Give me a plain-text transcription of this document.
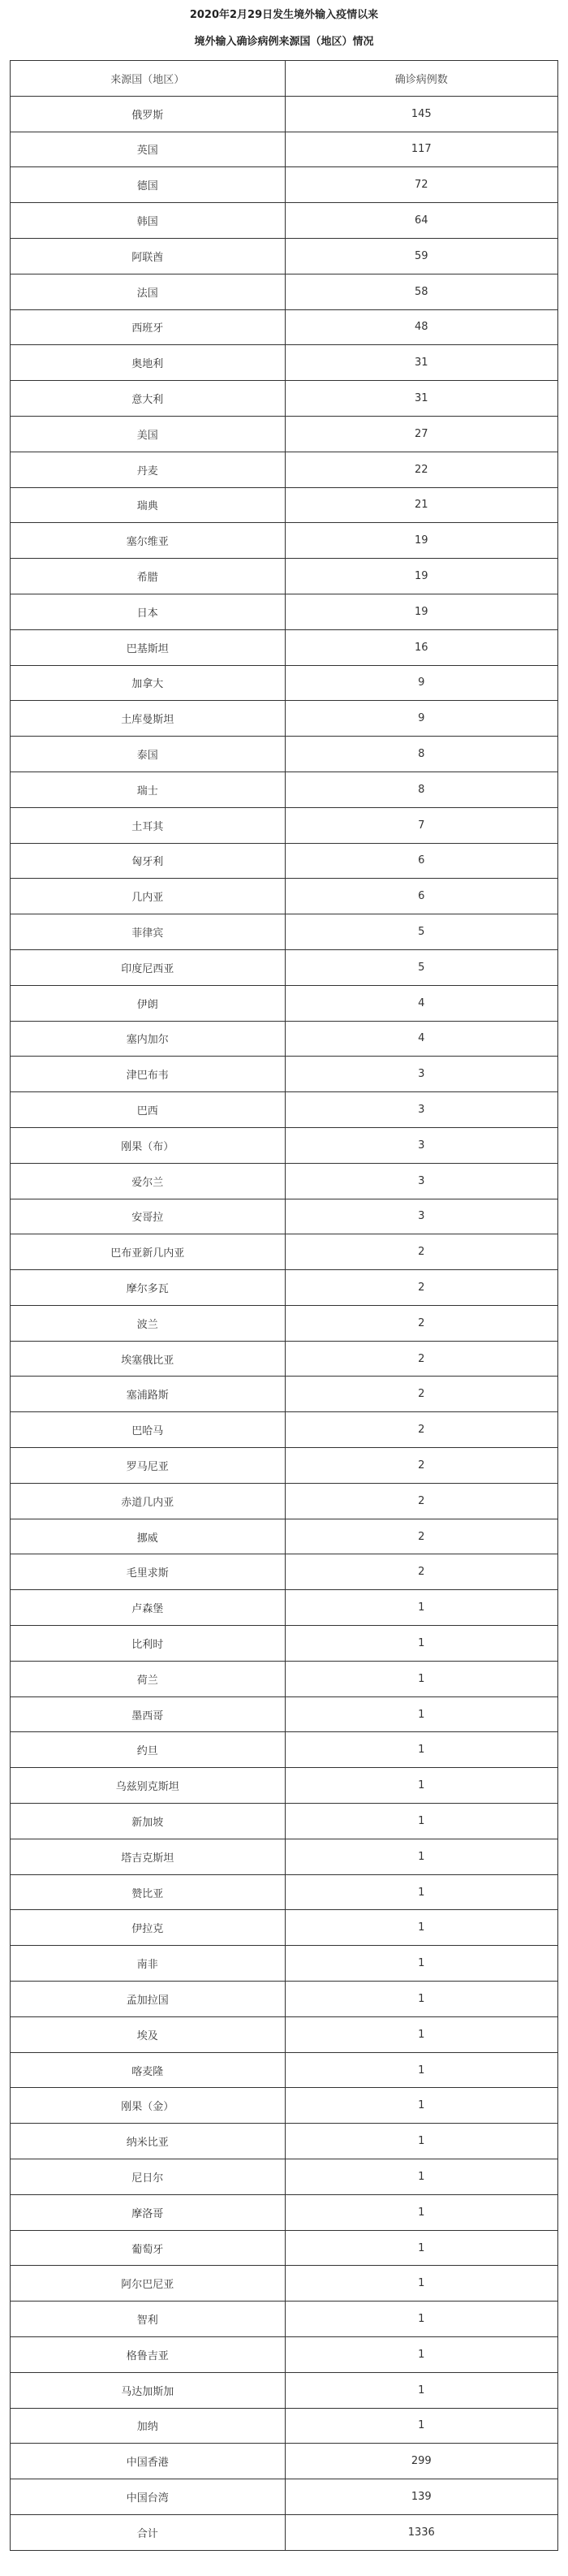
2020年2月29日发生境外输入疫情以来
境外输入确诊病例来源国（地区）情况
来源国（地区）	确诊病例数
俄罗斯	145
英国	117
德国	72
韩国	64
阿联酋	59
法国	58
西班牙	48
奥地利	31
意大利	31
美国	27
丹麦	22
瑞典	21
塞尔维亚	19
希腊	19
日本	19
巴基斯坦	16
加拿大	9
土库曼斯坦	9
泰国	8
瑞士	8
土耳其	7
匈牙利	6
几内亚	6
菲律宾	5
印度尼西亚	5
伊朗	4
塞内加尔	4
津巴布韦	3
巴西	3
刚果（布）	3
爱尔兰	3
安哥拉	3
巴布亚新几内亚	2
摩尔多瓦	2
波兰	2
埃塞俄比亚	2
塞浦路斯	2
巴哈马	2
罗马尼亚	2
赤道几内亚	2
挪威	2
毛里求斯	2
卢森堡	1
比利时	1
荷兰	1
墨西哥	1
约旦	1
乌兹别克斯坦	1
新加坡	1
塔吉克斯坦	1
赞比亚	1
伊拉克	1
南非	1
孟加拉国	1
埃及	1
喀麦隆	1
刚果（金）	1
纳米比亚	1
尼日尔	1
摩洛哥	1
葡萄牙	1
阿尔巴尼亚	1
智利	1
格鲁吉亚	1
马达加斯加	1
加纳	1
中国香港	299
中国台湾	139
合计	1336
